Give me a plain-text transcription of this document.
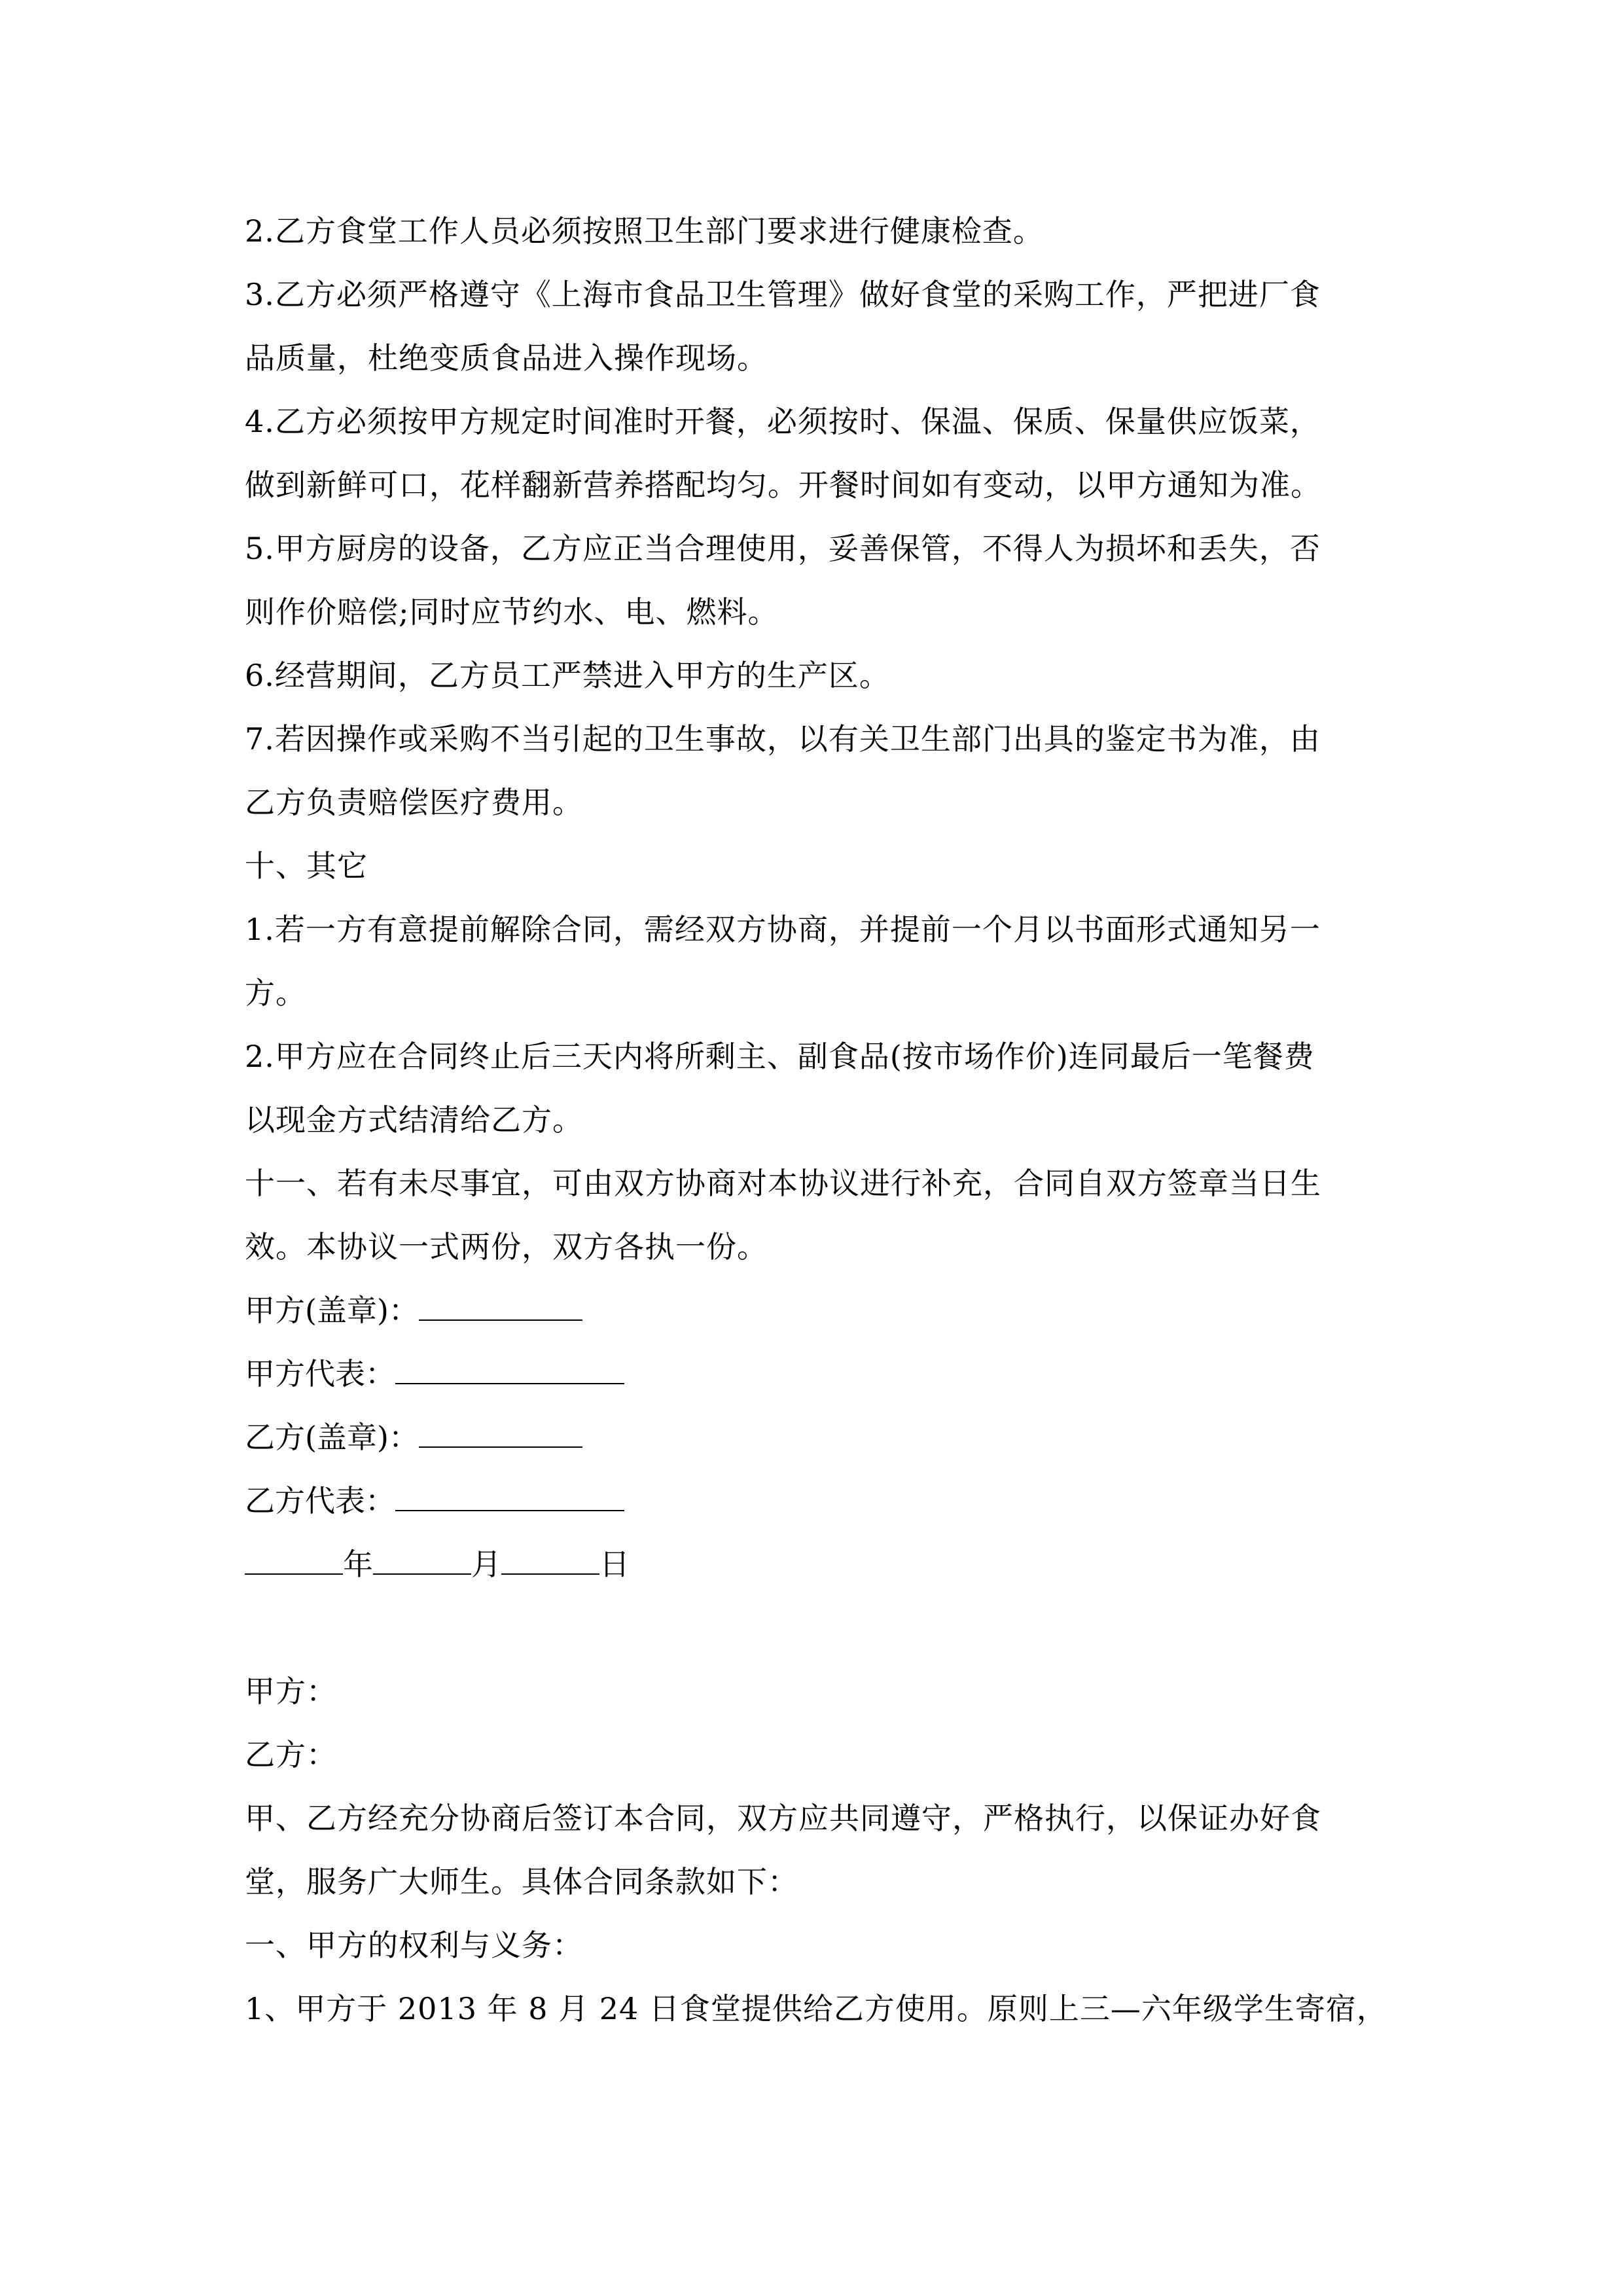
2.乙方食堂工作人员必须按照卫生部门要求进行健康检查。
3.乙方必须严格遵守《上海市食品卫生管理》做好食堂的采购工作，严把进厂食
品质量，杜绝变质食品进入操作现场。
4.乙方必须按甲方规定时间准时开餐，必须按时、保温、保质、保量供应饭菜，
做到新鲜可口，花样翻新营养搭配均匀。开餐时间如有变动，以甲方通知为准。
5.甲方厨房的设备，乙方应正当合理使用，妥善保管，不得人为损坏和丢失，否
则作价赔偿;同时应节约水、电、燃料。
6.经营期间，乙方员工严禁进入甲方的生产区。
7.若因操作或采购不当引起的卫生事故，以有关卫生部门出具的鉴定书为准，由
乙方负责赔偿医疗费用。
十、其它
1.若一方有意提前解除合同，需经双方协商，并提前一个月以书面形式通知另一
方。
2.甲方应在合同终止后三天内将所剩主、副食品(按市场作价)连同最后一笔餐费
以现金方式结清给乙方。
十一、若有未尽事宜，可由双方协商对本协议进行补充，合同自双方签章当日生
效。本协议一式两份，双方各执一份。
甲方(盖章)：
甲方代表：
乙方(盖章)：
乙方代表：
年	月	日
甲方：
乙方：
甲、乙方经充分协商后签订本合同，双方应共同遵守，严格执行，以保证办好食
堂，服务广大师生。具体合同条款如下：
一、甲方的权利与义务：
1、甲方于 2013 年 8 月 24 日食堂提供给乙方使用。原则上三—六年级学生寄宿，
